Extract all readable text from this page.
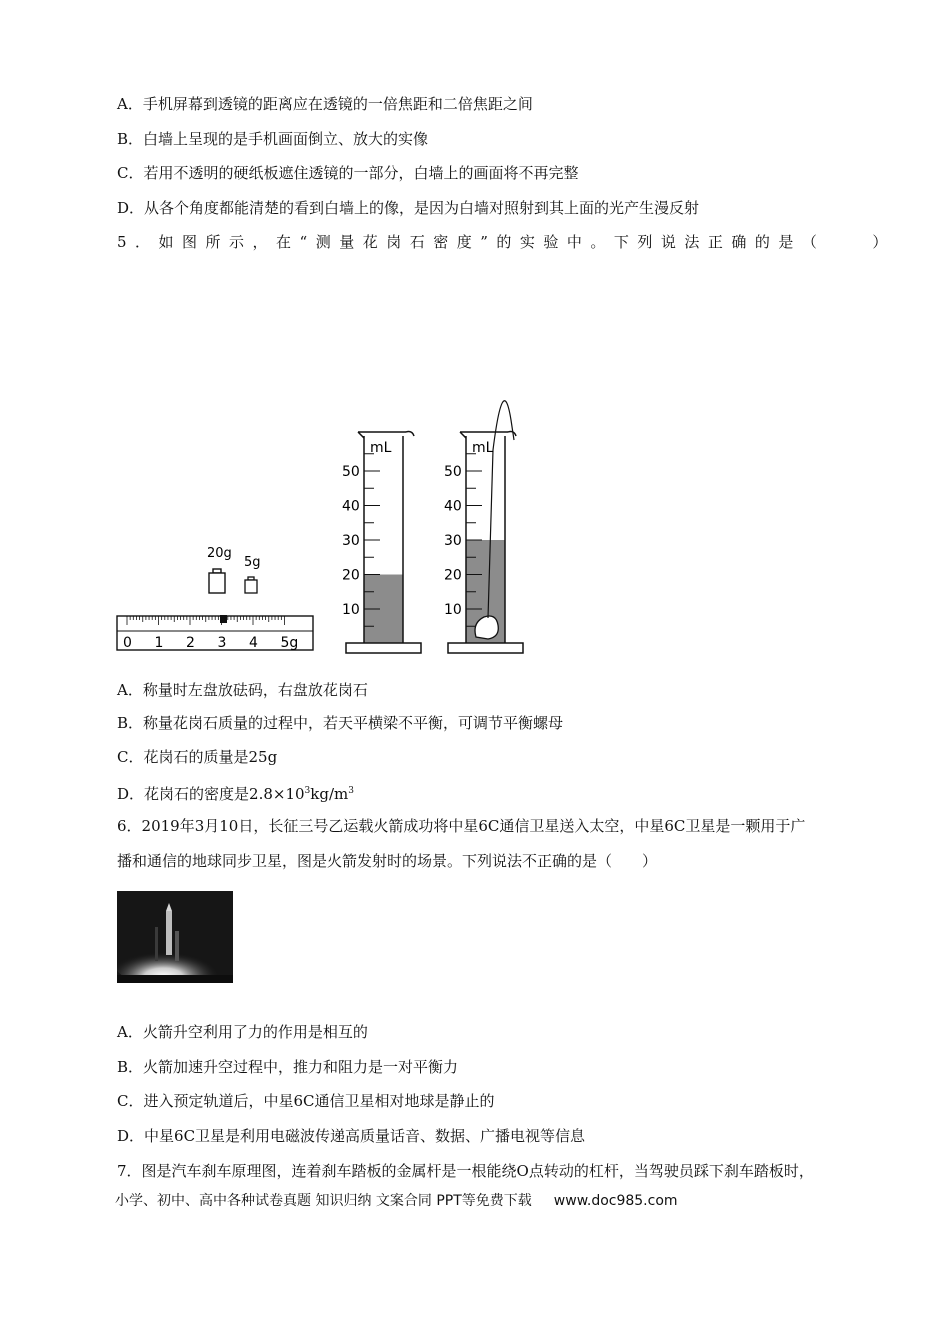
A．手机屏幕到透镜的距离应在透镜的一倍焦距和二倍焦距之间
B．白墙上呈现的是手机画面倒立、放大的实像
C．若用不透明的硬纸板遮住透镜的一部分，白墙上的画面将不再完整
D．从各个角度都能清楚的看到白墙上的像，是因为白墙对照射到其上面的光产生漫反射
5．如图所示，在“测量花岗石密度”的实验中。下列说法正确的是（　　）
20g
5g
0 1 2 3 4 5g
mL
50
40
30
20
10
mL
50
40
30
20
10
A．称量时左盘放砝码，右盘放花岗石
B．称量花岗石质量的过程中，若天平横梁不平衡，可调节平衡螺母
C．花岗石的质量是25g
D．花岗石的密度是$2.8\times 10^3kg/m^3$
6．2019年3月10日，长征三号乙运载火箭成功将中星6C通信卫星送入太空，中星6C卫星是一颗用于广
播和通信的地球同步卫星，图是火箭发射时的场景。下列说法不正确的是（　　）
A．火箭升空利用了力的作用是相互的
B．火箭加速升空过程中，推力和阻力是一对平衡力
C．进入预定轨道后，中星6C通信卫星相对地球是静止的
D．中星6C卫星是利用电磁波传递高质量话音、数据、广播电视等信息
7．图是汽车刹车原理图，连着刹车踏板的金属杆是一根能绕O点转动的杠杆，当驾驶员踩下刹车踏板时，
小学、初中、高中各种试卷真题 知识归纳 文案合同 PPT等免费下载 www.doc985.com
